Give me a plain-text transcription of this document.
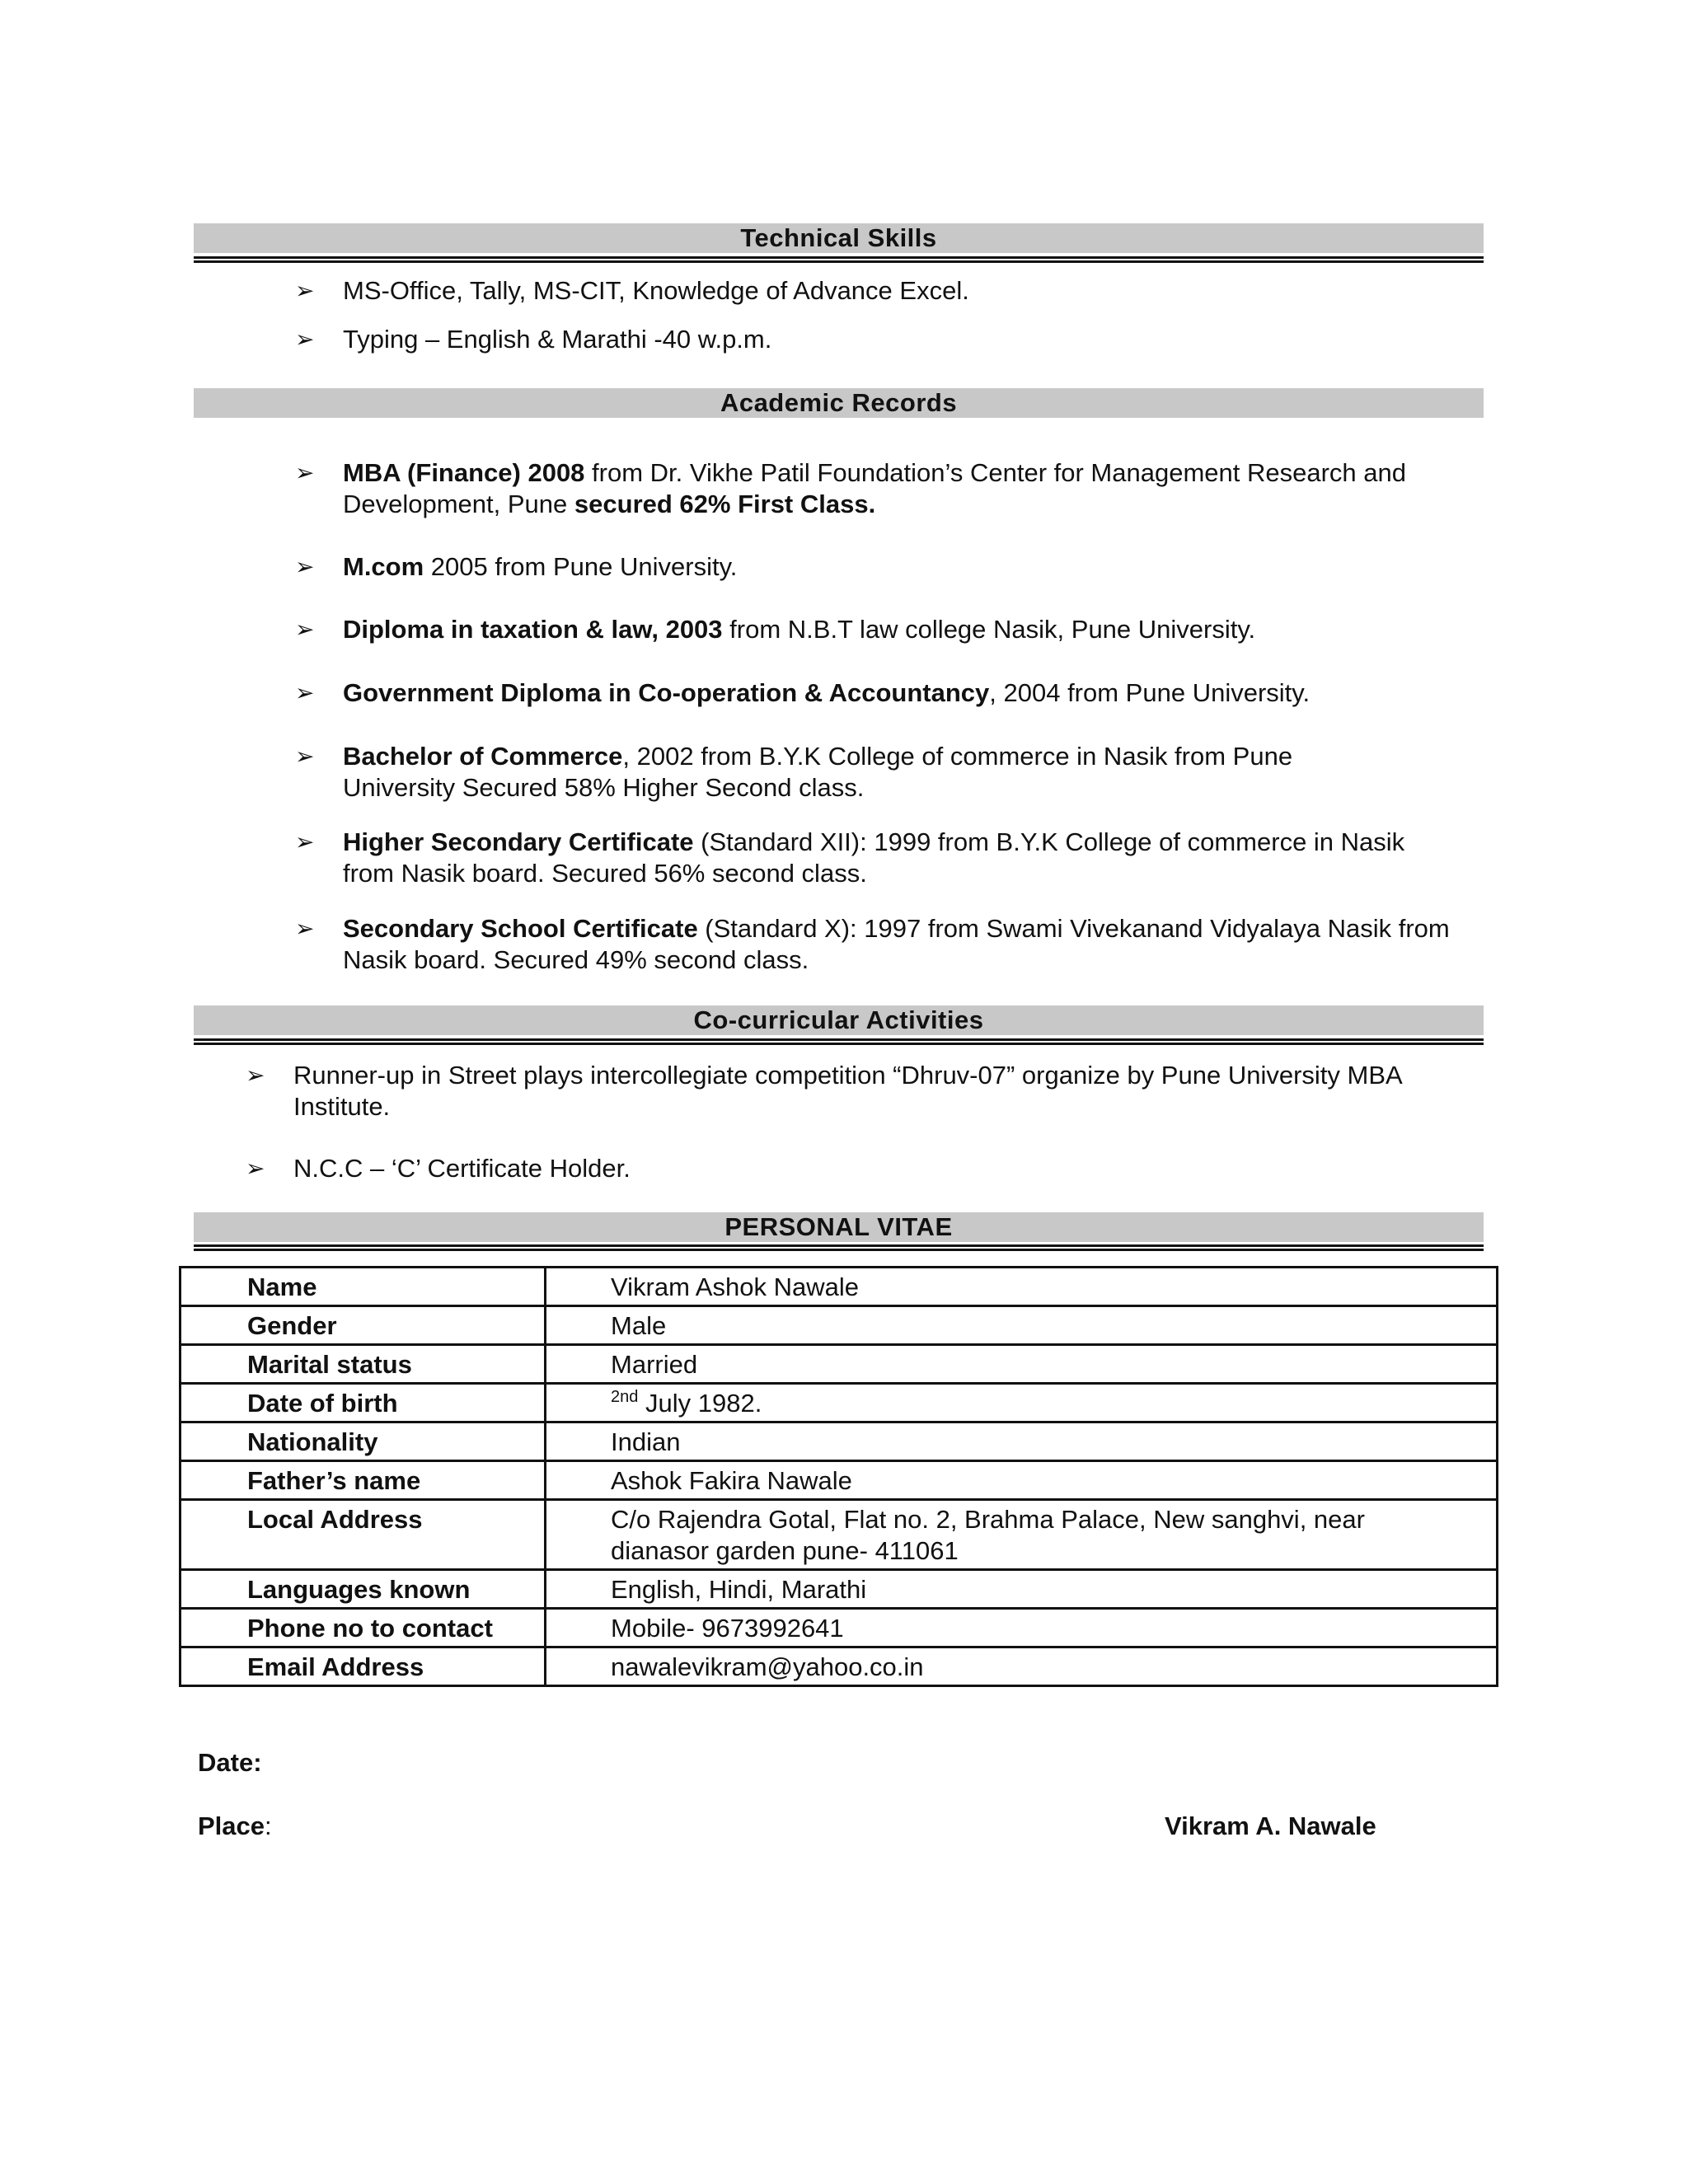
Technical Skills
➢ MS-Office, Tally, MS-CIT, Knowledge of Advance Excel.
➢ Typing – English & Marathi -40 w.p.m.
Academic Records
➢ MBA (Finance) 2008 from Dr. Vikhe Patil Foundation’s Center for Management Research and Development, Pune secured 62% First Class.
➢ M.com 2005 from Pune University.
➢ Diploma in taxation & law, 2003 from N.B.T law college Nasik, Pune University.
➢ Government Diploma in Co-operation & Accountancy, 2004 from Pune University.
➢ Bachelor of Commerce, 2002 from B.Y.K College of commerce in Nasik from Pune University Secured 58% Higher Second class.
➢ Higher Secondary Certificate (Standard XII): 1999 from B.Y.K College of commerce in Nasik from Nasik board. Secured 56% second class.
➢ Secondary School Certificate (Standard X): 1997 from Swami Vivekanand Vidyalaya Nasik from Nasik board. Secured 49% second class.
Co-curricular Activities
➢ Runner-up in Street plays intercollegiate competition “Dhruv-07” organize by Pune University MBA Institute.
➢ N.C.C – ‘C’ Certificate Holder.
PERSONAL VITAE
Name	Vikram Ashok Nawale
Gender	Male
Marital status	Married
Date of birth	$^{2nd}$ July 1982.
Nationality	Indian
Father’s name	Ashok Fakira Nawale
Local Address	C/o Rajendra Gotal, Flat no. 2, Brahma Palace, New sanghvi, near dianasor garden pune- 411061
Languages known	English, Hindi, Marathi
Phone no to contact	Mobile- 9673992641
Email Address	nawalevikram@yahoo.co.in
Date:
Place:	Vikram A. Nawale
